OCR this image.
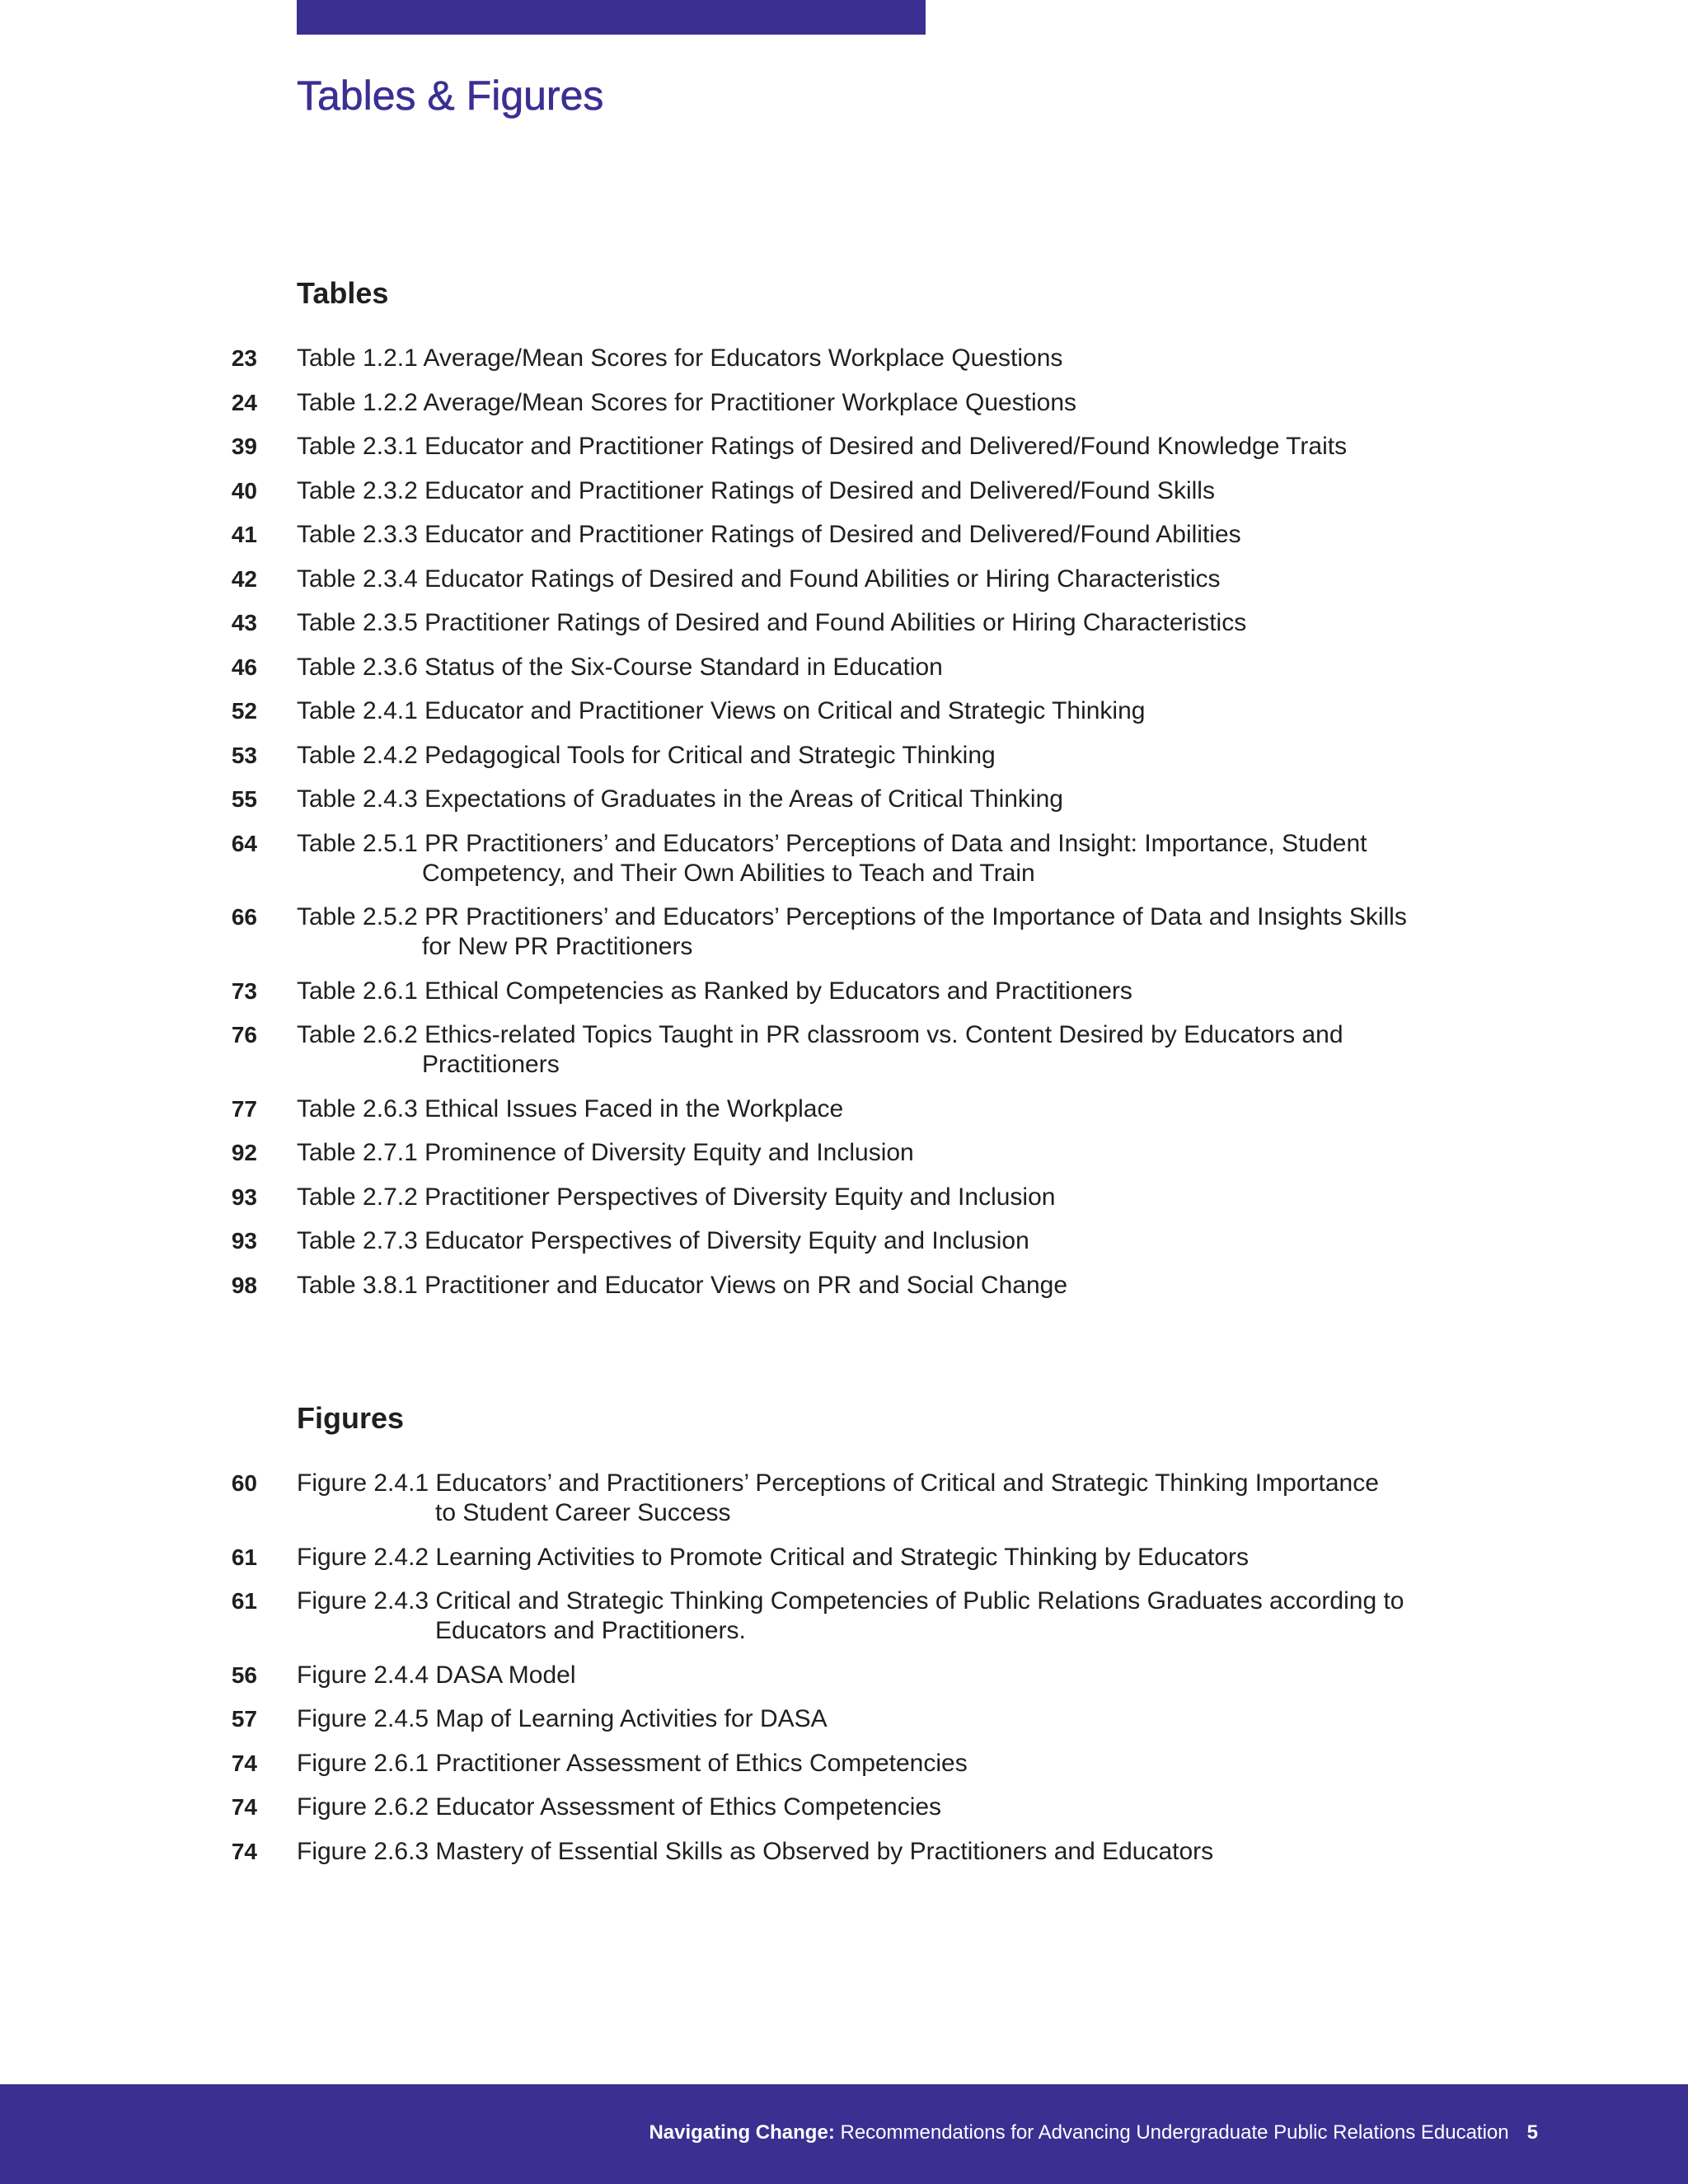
Tables & Figures
Tables
23 Table 1.2.1 Average/Mean Scores for Educators Workplace Questions
24 Table 1.2.2 Average/Mean Scores for Practitioner Workplace Questions
39 Table 2.3.1 Educator and Practitioner Ratings of Desired and Delivered/Found Knowledge Traits
40 Table 2.3.2 Educator and Practitioner Ratings of Desired and Delivered/Found Skills
41 Table 2.3.3 Educator and Practitioner Ratings of Desired and Delivered/Found Abilities
42 Table 2.3.4 Educator Ratings of Desired and Found Abilities or Hiring Characteristics
43 Table 2.3.5 Practitioner Ratings of Desired and Found Abilities or Hiring Characteristics
46 Table 2.3.6 Status of the Six-Course Standard in Education
52 Table 2.4.1 Educator and Practitioner Views on Critical and Strategic Thinking
53 Table 2.4.2 Pedagogical Tools for Critical and Strategic Thinking
55 Table 2.4.3 Expectations of Graduates in the Areas of Critical Thinking
64 Table 2.5.1 PR Practitioners’ and Educators’ Perceptions of Data and Insight: Importance, Student
Competency, and Their Own Abilities to Teach and Train
66 Table 2.5.2 PR Practitioners’ and Educators’ Perceptions of the Importance of Data and Insights Skills
for New PR Practitioners
73 Table 2.6.1 Ethical Competencies as Ranked by Educators and Practitioners
76 Table 2.6.2 Ethics-related Topics Taught in PR classroom vs. Content Desired by Educators and
Practitioners
77 Table 2.6.3 Ethical Issues Faced in the Workplace
92 Table 2.7.1 Prominence of Diversity Equity and Inclusion
93 Table 2.7.2 Practitioner Perspectives of Diversity Equity and Inclusion
93 Table 2.7.3 Educator Perspectives of Diversity Equity and Inclusion
98 Table 3.8.1 Practitioner and Educator Views on PR and Social Change
Figures
60 Figure 2.4.1 Educators’ and Practitioners’ Perceptions of Critical and Strategic Thinking Importance
to Student Career Success
61 Figure 2.4.2 Learning Activities to Promote Critical and Strategic Thinking by Educators
61 Figure 2.4.3 Critical and Strategic Thinking Competencies of Public Relations Graduates according to
Educators and Practitioners.
56 Figure 2.4.4 DASA Model
57 Figure 2.4.5 Map of Learning Activities for DASA
74 Figure 2.6.1 Practitioner Assessment of Ethics Competencies
74 Figure 2.6.2 Educator Assessment of Ethics Competencies
74 Figure 2.6.3 Mastery of Essential Skills as Observed by Practitioners and Educators
Navigating Change: Recommendations for Advancing Undergraduate Public Relations Education 5
